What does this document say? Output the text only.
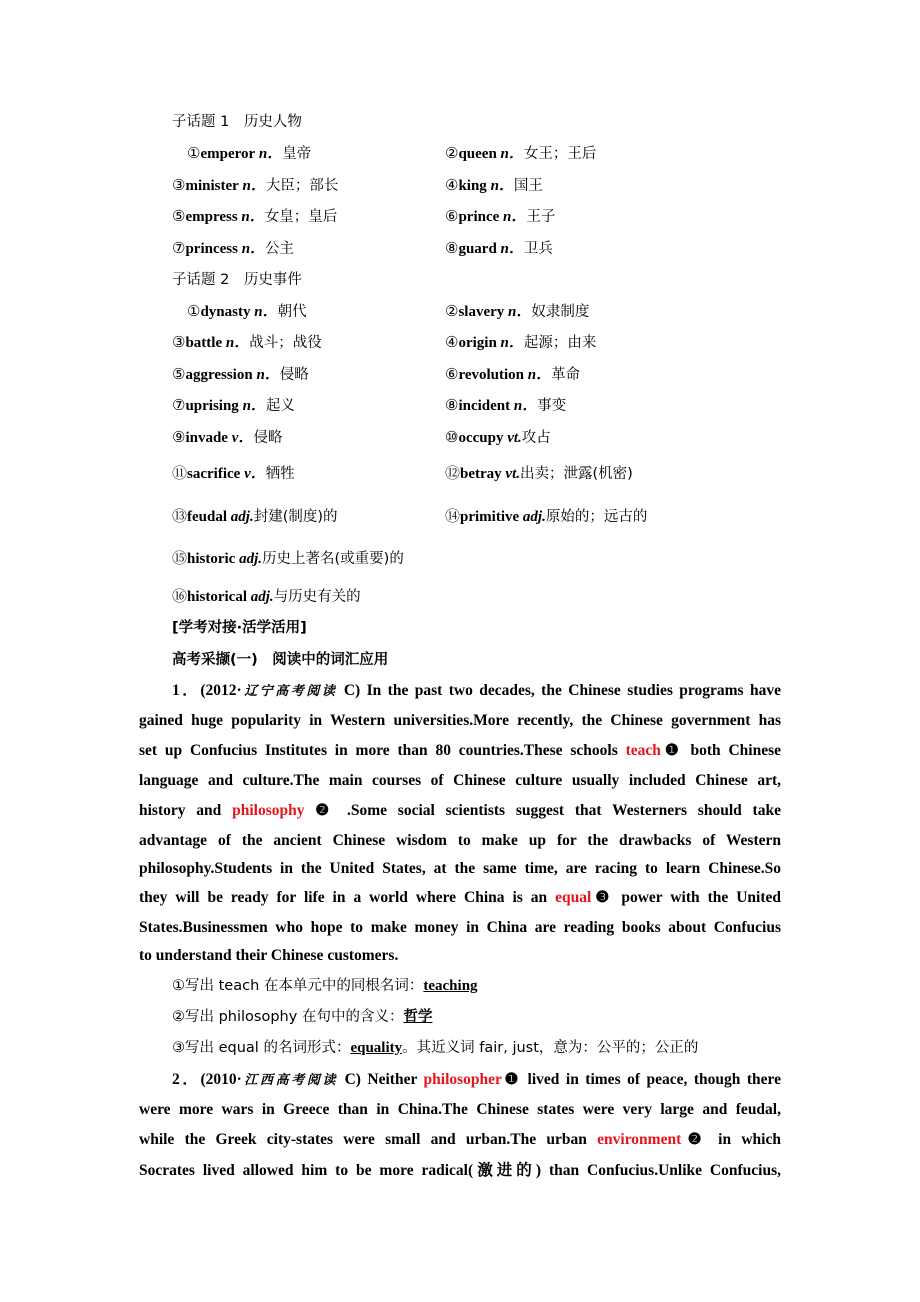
①emperor n．皇帝	②queen n．女王；王后
③minister n．大臣；部长	④king n．国王
⑤empress n．女皇；皇后	⑥prince n．王子
⑦princess n．公主	⑧guard n．卫兵
①dynasty n．朝代	②slavery n．奴隶制度
③battle n．战斗；战役	④origin n．起源；由来
⑤aggression n．侵略	⑥revolution n．革命
⑦uprising n．起义	⑧incident n．事变
⑨invade v．侵略	⑩occupy vt.攻占
⑪sacrifice v．牺牲	⑫betray vt.出卖；泄露(机密)
⑬feudal adj.封建(制度)的	⑭primitive adj.原始的；远古的
⑮historic adj.历史上著名(或重要)的
⑯historical adj.与历史有关的
子话题 1　历史人物
子话题 2　历史事件
[学考对接·活学活用]
高考采撷(一)　阅读中的词汇应用
1．(2012·辽宁高考阅读 C) In the past two decades, the Chinese studies programs have
gained huge popularity in Western universities.More recently, the Chinese government has
set up Confucius Institutes in more than 80 countries.These schools teach❶ both Chinese
language and culture.The main courses of Chinese culture usually included Chinese art,
history and philosophy ❷ .Some social scientists suggest that Westerners should take
advantage of the ancient Chinese wisdom to make up for the drawbacks of Western
philosophy.Students in the United States, at the same time, are racing to learn Chinese.So
they will be ready for life in a world where China is an equal❸ power with the United
States.Businessmen who hope to make money in China are reading books about Confucius
to understand their Chinese customers.
①写出 teach 在本单元中的同根名词：teaching
②写出 philosophy 在句中的含义：哲学
③写出 equal 的名词形式：equality。其近义词 fair, just，意为：公平的；公正的
2．(2010·江西高考阅读 C) Neither philosopher❶ lived in times of peace, though there
were more wars in Greece than in China.The Chinese states were very large and feudal,
while the Greek city-states were small and urban.The urban environment❷ in which
Socrates lived allowed him to be more radical(激进的) than Confucius.Unlike Confucius,
